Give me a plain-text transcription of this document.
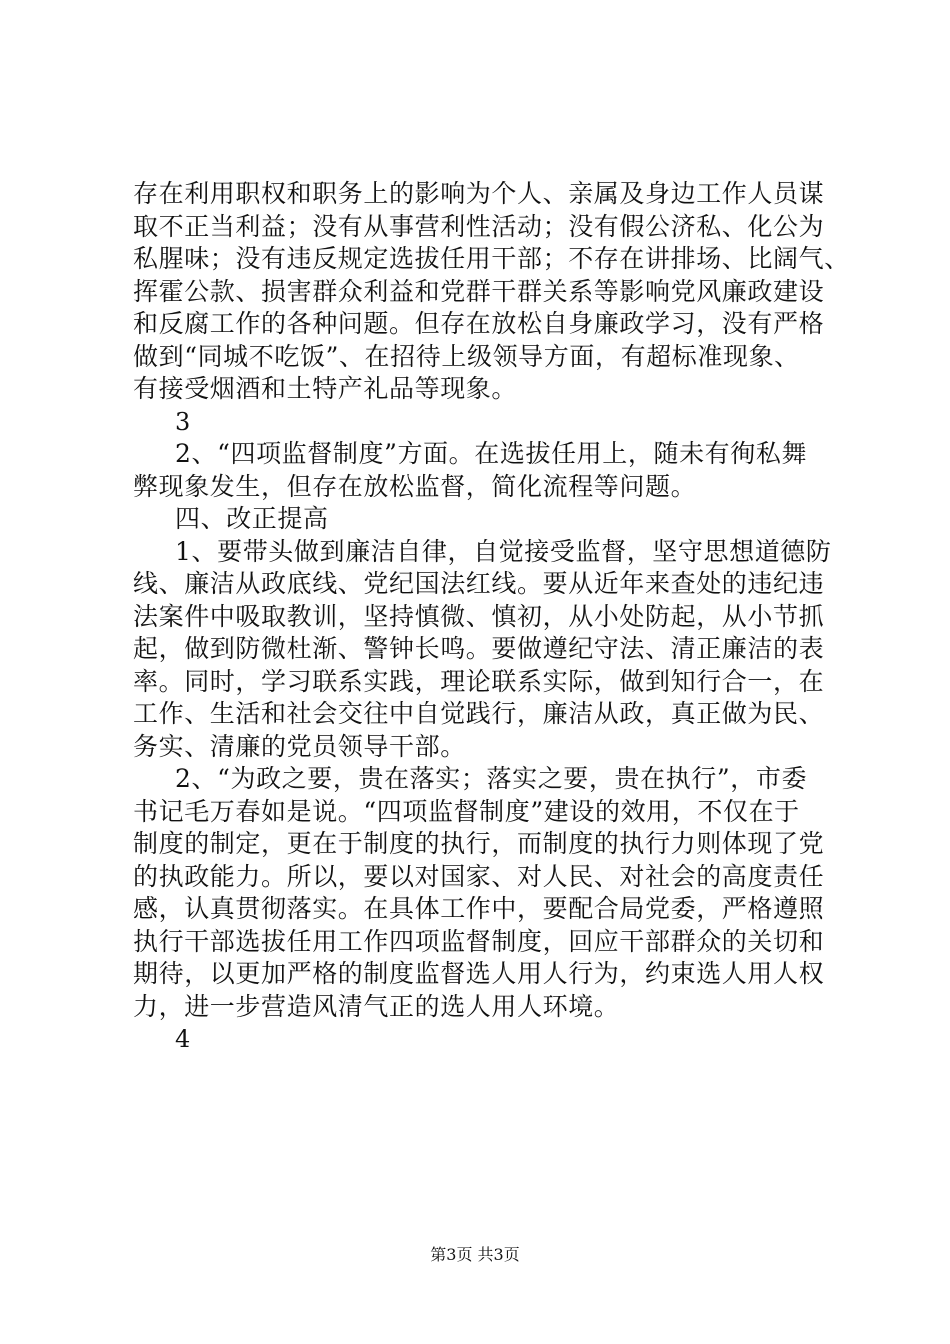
存在利用职权和职务上的影响为个人、亲属及身边工作人员谋
取不正当利益；没有从事营利性活动；没有假公济私、化公为
私腥味；没有违反规定选拔任用干部；不存在讲排场、比阔气、
挥霍公款、损害群众利益和党群干群关系等影响党风廉政建设
和反腐工作的各种问题。但存在放松自身廉政学习，没有严格
做到“同城不吃饭”、在招待上级领导方面，有超标准现象、
有接受烟酒和土特产礼品等现象。
3
2、“四项监督制度”方面。在选拔任用上，随未有徇私舞
弊现象发生，但存在放松监督，简化流程等问题。
四、改正提高
1、要带头做到廉洁自律，自觉接受监督，坚守思想道德防
线、廉洁从政底线、党纪国法红线。要从近年来查处的违纪违
法案件中吸取教训，坚持慎微、慎初，从小处防起，从小节抓
起，做到防微杜渐、警钟长鸣。要做遵纪守法、清正廉洁的表
率。同时，学习联系实践，理论联系实际，做到知行合一，在
工作、生活和社会交往中自觉践行，廉洁从政，真正做为民、
务实、清廉的党员领导干部。
2、“为政之要，贵在落实；落实之要，贵在执行”，市委
书记毛万春如是说。“四项监督制度”建设的效用，不仅在于
制度的制定，更在于制度的执行，而制度的执行力则体现了党
的执政能力。所以，要以对国家、对人民、对社会的高度责任
感，认真贯彻落实。在具体工作中，要配合局党委，严格遵照
执行干部选拔任用工作四项监督制度，回应干部群众的关切和
期待，以更加严格的制度监督选人用人行为，约束选人用人权
力，进一步营造风清气正的选人用人环境。
4
第3页 共3页
